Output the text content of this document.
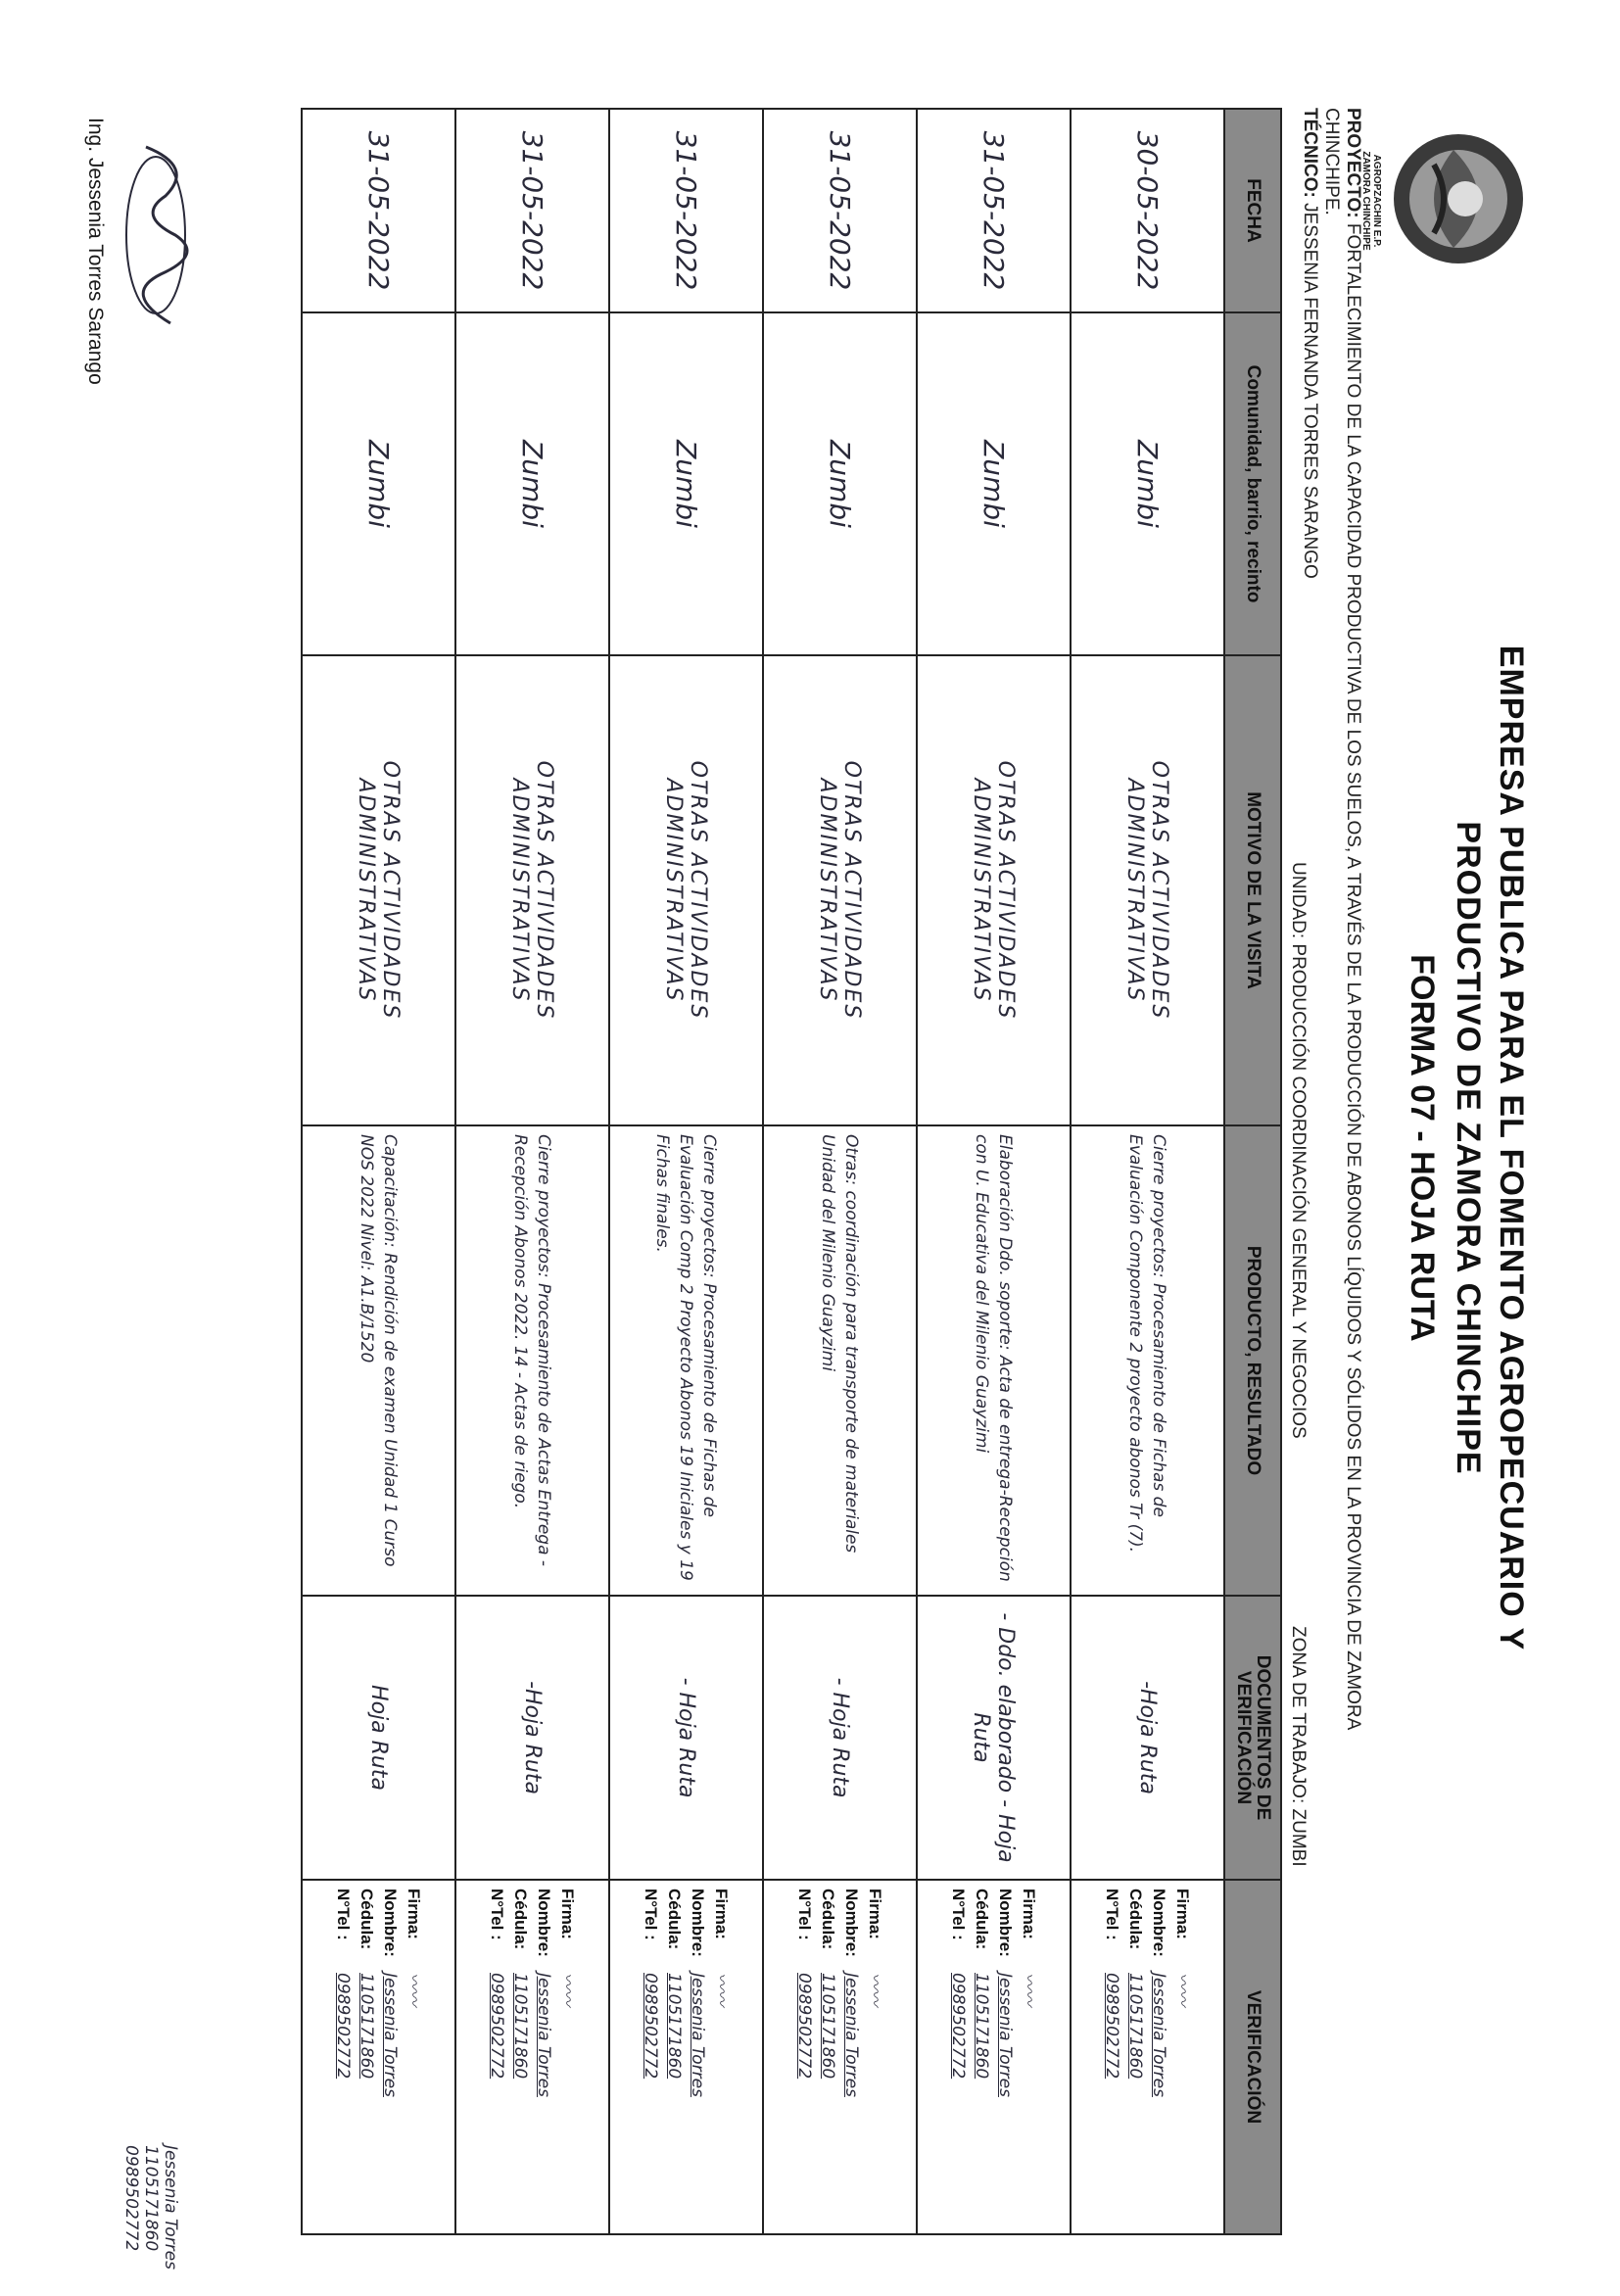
AGROPZACHIN E.P.
ZAMORA CHINCHIPE
EMPRESA PUBLICA PARA EL FOMENTO AGROPECUARIO Y
PRODUCTIVO DE ZAMORA CHINCHIPE
FORMA 07 - HOJA RUTA
PROYECTO: FORTALECIMIENTO DE LA CAPACIDAD PRODUCTIVA DE LOS SUELOS, A TRAVÉS DE LA PRODUCCIÓN DE ABONOS LÍQUIDOS Y SÓLIDOS EN LA PROVINCIA DE ZAMORA
CHINCHIPE.
TÉCNICO: JESSENIA FERNANDA TORRES SARANGO
UNIDAD: PRODUCCIÓN COORDINACIÓN GENERAL Y NEGOCIOS
ZONA DE TRABAJO: ZUMBI
FECHA	Comunidad, barrio, recinto	MOTIVO DE LA VISITA	PRODUCTO, RESULTADO	DOCUMENTOS DE VERIFICACIÓN	VERIFICACIÓN
30-05-2022	Zumbi	OTRAS ACTIVIDADES ADMINISTRATIVAS	Cierre proyectos: Procesamiento de Fichas de Evaluación Componente 2 proyecto abonos Tr (7).	-Hoja Ruta	Firma:〰〰
Nombre:Jessenia Torres
Cédula:1105171860
N°Tel :0989502772

31-05-2022	Zumbi	OTRAS ACTIVIDADES ADMINISTRATIVAS	Elaboración Ddo. soporte: Acta de entrega-Recepción con U. Educativa del Milenio Guayzimi	- Ddo. elaborado - Hoja Ruta	Firma:〰〰
Nombre:Jessenia Torres
Cédula:1105171860
N°Tel :0989502772

31-05-2022	Zumbi	OTRAS ACTIVIDADES ADMINISTRATIVAS	Otras: coordinación para transporte de materiales Unidad del Milenio Guayzimi	- Hoja Ruta	Firma:〰〰
Nombre:Jessenia Torres
Cédula:1105171860
N°Tel :0989502772

31-05-2022	Zumbi	OTRAS ACTIVIDADES ADMINISTRATIVAS	Cierre proyectos: Procesamiento de Fichas de Evaluación Comp 2 Proyecto Abonos 19 Iniciales y 19 Fichas finales.	- Hoja Ruta	Firma:〰〰
Nombre:Jessenia Torres
Cédula:1105171860
N°Tel :0989502772

31-05-2022	Zumbi	OTRAS ACTIVIDADES ADMINISTRATIVAS	Cierre proyectos: Procesamiento de Actas Entrega - Recepción Abonos 2022. 14 - Actas de riego.	-Hoja Ruta	Firma:〰〰
Nombre:Jessenia Torres
Cédula:1105171860
N°Tel :0989502772

31-05-2022	Zumbi	OTRAS ACTIVIDADES ADMINISTRATIVAS	Capacitación: Rendición de examen Unidad 1 Curso NOS 2022 Nivel: A1.B/1520	Hoja Ruta	Firma:〰〰
Nombre:Jessenia Torres
Cédula:1105171860
N°Tel :0989502772
Ing. Jessenia Torres Sarango
Jessenia Torres
1105171860
0989502772
